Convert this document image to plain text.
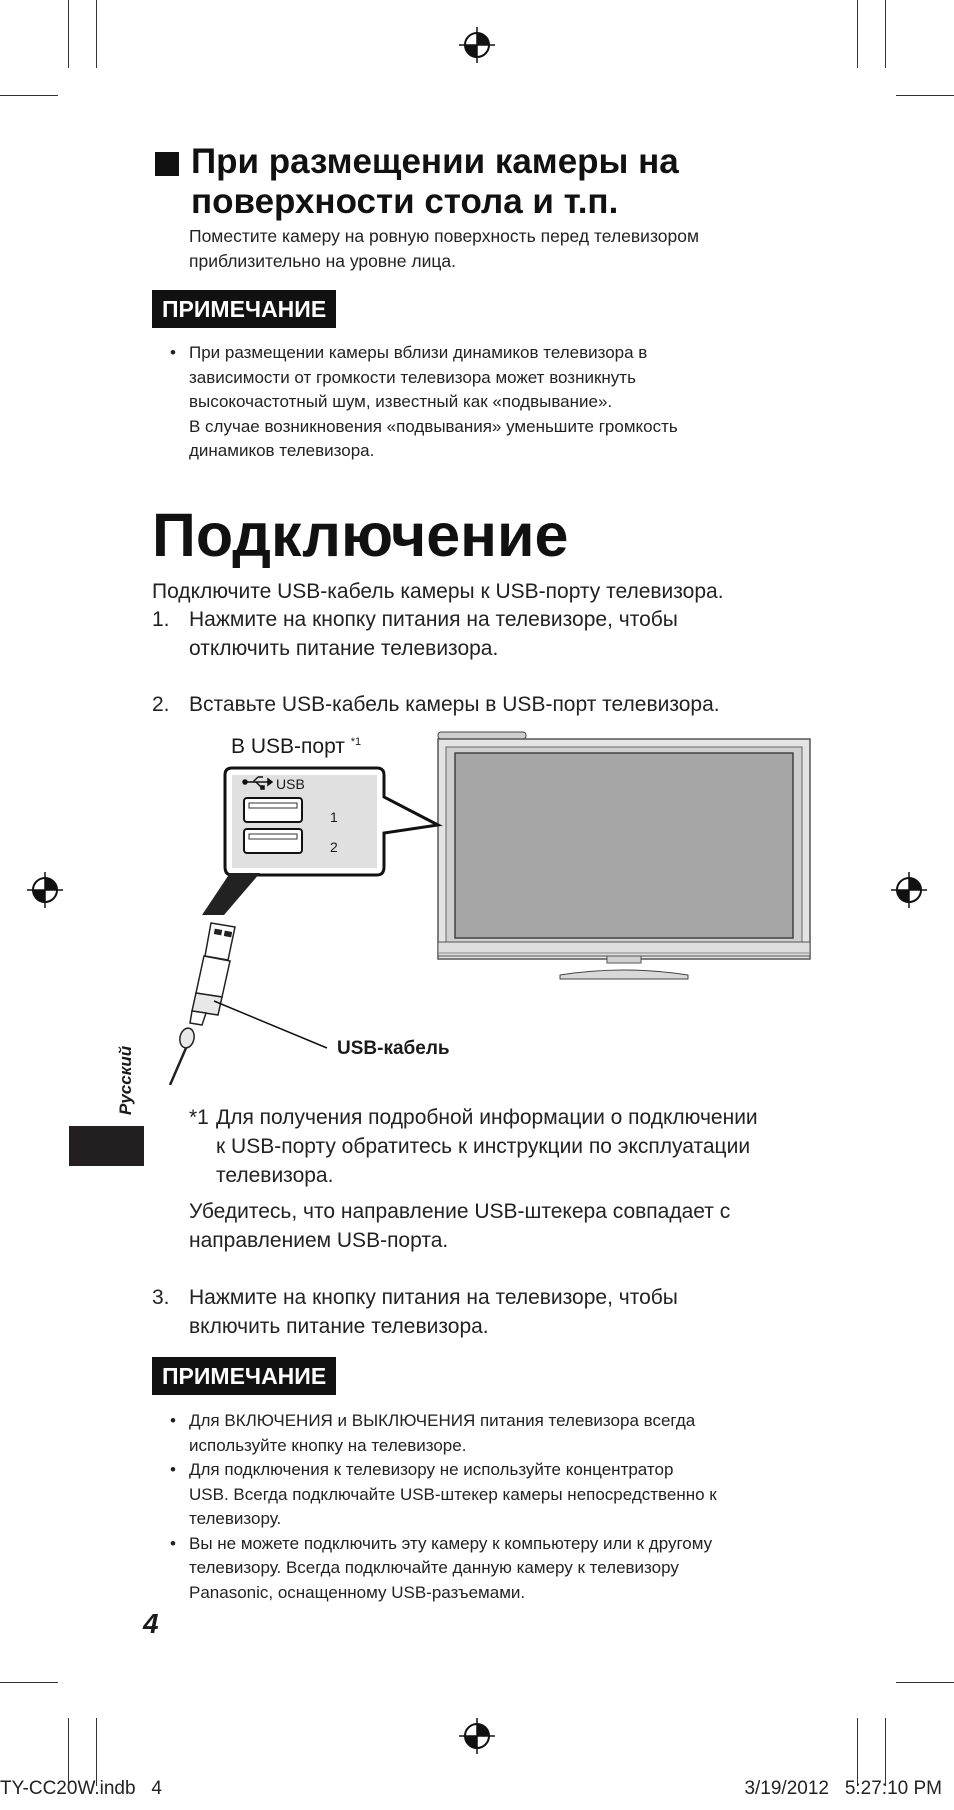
При размещении камеры на
поверхности стола и т.п.
Поместите камеру на ровную поверхность перед телевизором
приблизительно на уровне лица.
ПРИМЕЧАНИЕ
• При размещении камеры вблизи динамиков телевизора в
зависимости от громкости телевизора может возникнуть
высокочастотный шум, известный как «подвывание».
В случае возникновения «подвывания» уменьшите громкость
динамиков телевизора.
Подключение
Подключите USB-кабель камеры к USB-порту телевизора.
1. Нажмите на кнопку питания на телевизоре, чтобы
отключить питание телевизора.
2. Вставьте USB-кабель камеры в USB-порт телевизора.
В USB-порт $^{*1}$
USB
1
2
USB-кабель
*1 Для получения подробной информации о подключении
к USB-порту обратитесь к инструкции по эксплуатации
телевизора.
Убедитесь, что направление USB-штекера совпадает с
направлением USB-порта.
3. Нажмите на кнопку питания на телевизоре, чтобы
включить питание телевизора.
ПРИМЕЧАНИЕ
• Для ВКЛЮЧЕНИЯ и ВЫКЛЮЧЕНИЯ питания телевизора всегда
используйте кнопку на телевизоре.
• Для подключения к телевизору не используйте концентратор
USB. Всегда подключайте USB-штекер камеры непосредственно к
телевизору.
• Вы не можете подключить эту камеру к компьютеру или к другому
телевизору. Всегда подключайте данную камеру к телевизору
Panasonic, оснащенному USB-разъемами.
Русский
4
TY-CC20W.indb   4	3/19/2012   5:27:10 PM
